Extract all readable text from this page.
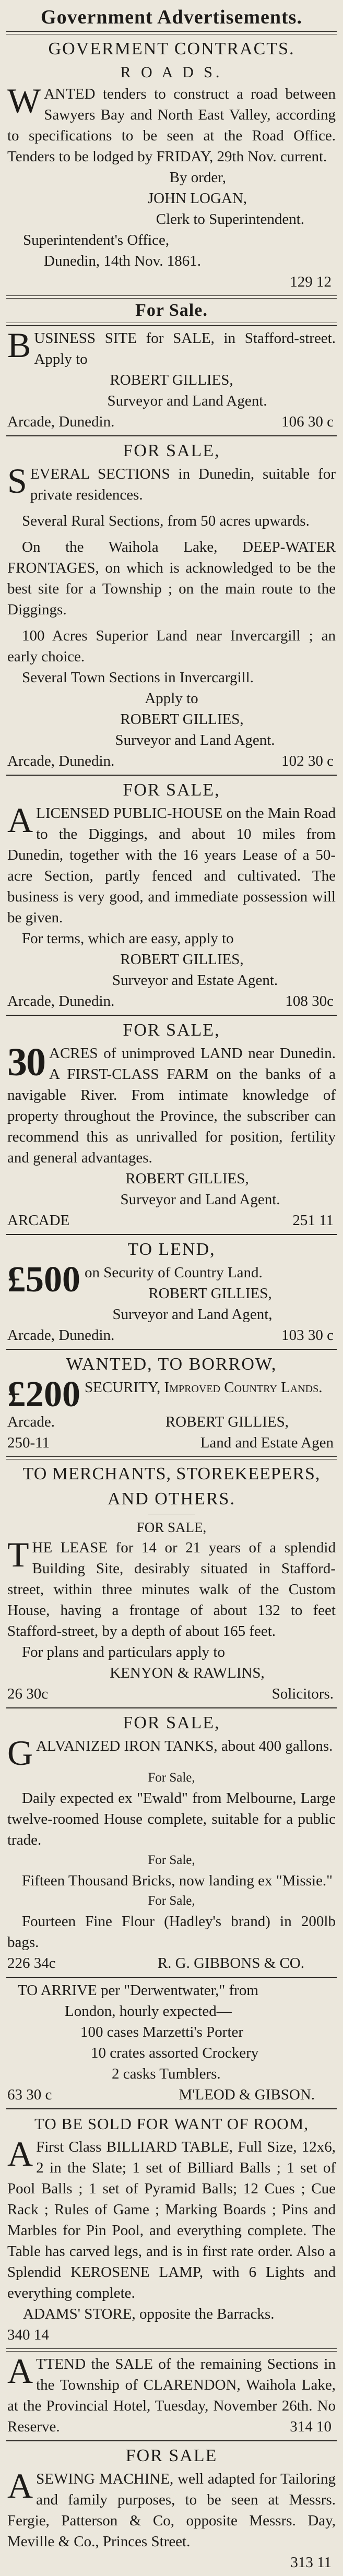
Government Advertisements.
GOVERMENT CONTRACTS.
R O A D S.

WANTED tenders to construct a road between Sawyers Bay and North East Valley, according to specifications to be seen at the Road Office. Tenders to be lodged by FRIDAY, 29th Nov. current.

By order,
JOHN LOGAN,
Clerk to Superintendent.
Superintendent's Office,
Dunedin, 14th Nov. 1861.
129 12
For Sale.

BUSINESS SITE for SALE, in Stafford-street. Apply to

ROBERT GILLIES,
Surveyor and Land Agent.
Arcade, Dunedin.	106 30 c
FOR SALE,

SEVERAL SECTIONS in Dunedin, suitable for private residences.

Several Rural Sections, from 50 acres upwards.

On the Waihola Lake, DEEP-WATER FRONTAGES, on which is acknowledged to be the best site for a Township ; on the main route to the Diggings.

100 Acres Superior Land near Invercargill ; an early choice.

Several Town Sections in Invercargill.

Apply to
ROBERT GILLIES,
Surveyor and Land Agent.
Arcade, Dunedin.	102 30 c
FOR SALE,

ALICENSED PUBLIC-HOUSE on the Main Road to the Diggings, and about 10 miles from Dunedin, together with the 16 years Lease of a 50-acre Section, partly fenced and cultivated. The business is very good, and immediate possession will be given.

For terms, which are easy, apply to

ROBERT GILLIES,
Surveyor and Estate Agent.
Arcade, Dunedin.	108 30c
FOR SALE,

30 ACRES of unimproved LAND near Dunedin. A FIRST-CLASS FARM on the banks of a navigable River. From intimate knowledge of property throughout the Province, the subscriber can recommend this as unrivalled for position, fertility and general advantages.

ROBERT GILLIES,
Surveyor and Land Agent.
ARCADE	251 11
TO LEND,

£500 on Security of Country Land.

ROBERT GILLIES,
Surveyor and Land Agent,
Arcade, Dunedin.	103 30 c
WANTED, TO BORROW,

£200 SECURITY, Improved Country Lands.

Arcade.	ROBERT GILLIES,
250-11	Land and Estate Agen
TO MERCHANTS, STOREKEEPERS,
AND OTHERS.
FOR SALE,

THE LEASE for 14 or 21 years of a splendid Building Site, desirably situated in Stafford-street, within three minutes walk of the Custom House, having a frontage of about 132 to feet Stafford-street, by a depth of about 165 feet.

For plans and particulars apply to

KENYON & RAWLINS,
26 30c	Solicitors.
FOR SALE,

GALVANIZED IRON TANKS, about 400 gallons.

For Sale,

Daily expected ex "Ewald" from Melbourne, Large twelve-roomed House complete, suitable for a public trade.

For Sale,

Fifteen Thousand Bricks, now landing ex "Missie."

For Sale,

Fourteen Fine Flour (Hadley's brand) in 200lb bags.

226 34c	R. G. GIBBONS & CO.
TO ARRIVE per "Derwentwater," from
London, hourly expected—
100 cases Marzetti's Porter
10 crates assorted Crockery
2 casks Tumblers.
63 30 c	M'LEOD & GIBSON.
TO BE SOLD FOR WANT OF ROOM,

A First Class BILLIARD TABLE, Full Size, 12x6, 2 in the Slate; 1 set of Billiard Balls ; 1 set of Pool Balls ; 1 set of Pyramid Balls; 12 Cues ; Cue Rack ; Rules of Game ; Marking Boards ; Pins and Marbles for Pin Pool, and everything complete. The Table has carved legs, and is in first rate order. Also a Splendid KEROSENE LAMP, with 6 Lights and everything complete.

ADAMS' STORE, opposite the Barracks.
340 14

ATTEND the SALE of the remaining Sections in the Township of CLARENDON, Waihola Lake, at the Provincial Hotel, Tuesday, November 26th. No Reserve.	314 10
FOR SALE

ASEWING MACHINE, well adapted for Tailoring and family purposes, to be seen at Messrs. Fergie, Patterson & Co, opposite Messrs. Day, Meville & Co., Princes Street.

313 11
